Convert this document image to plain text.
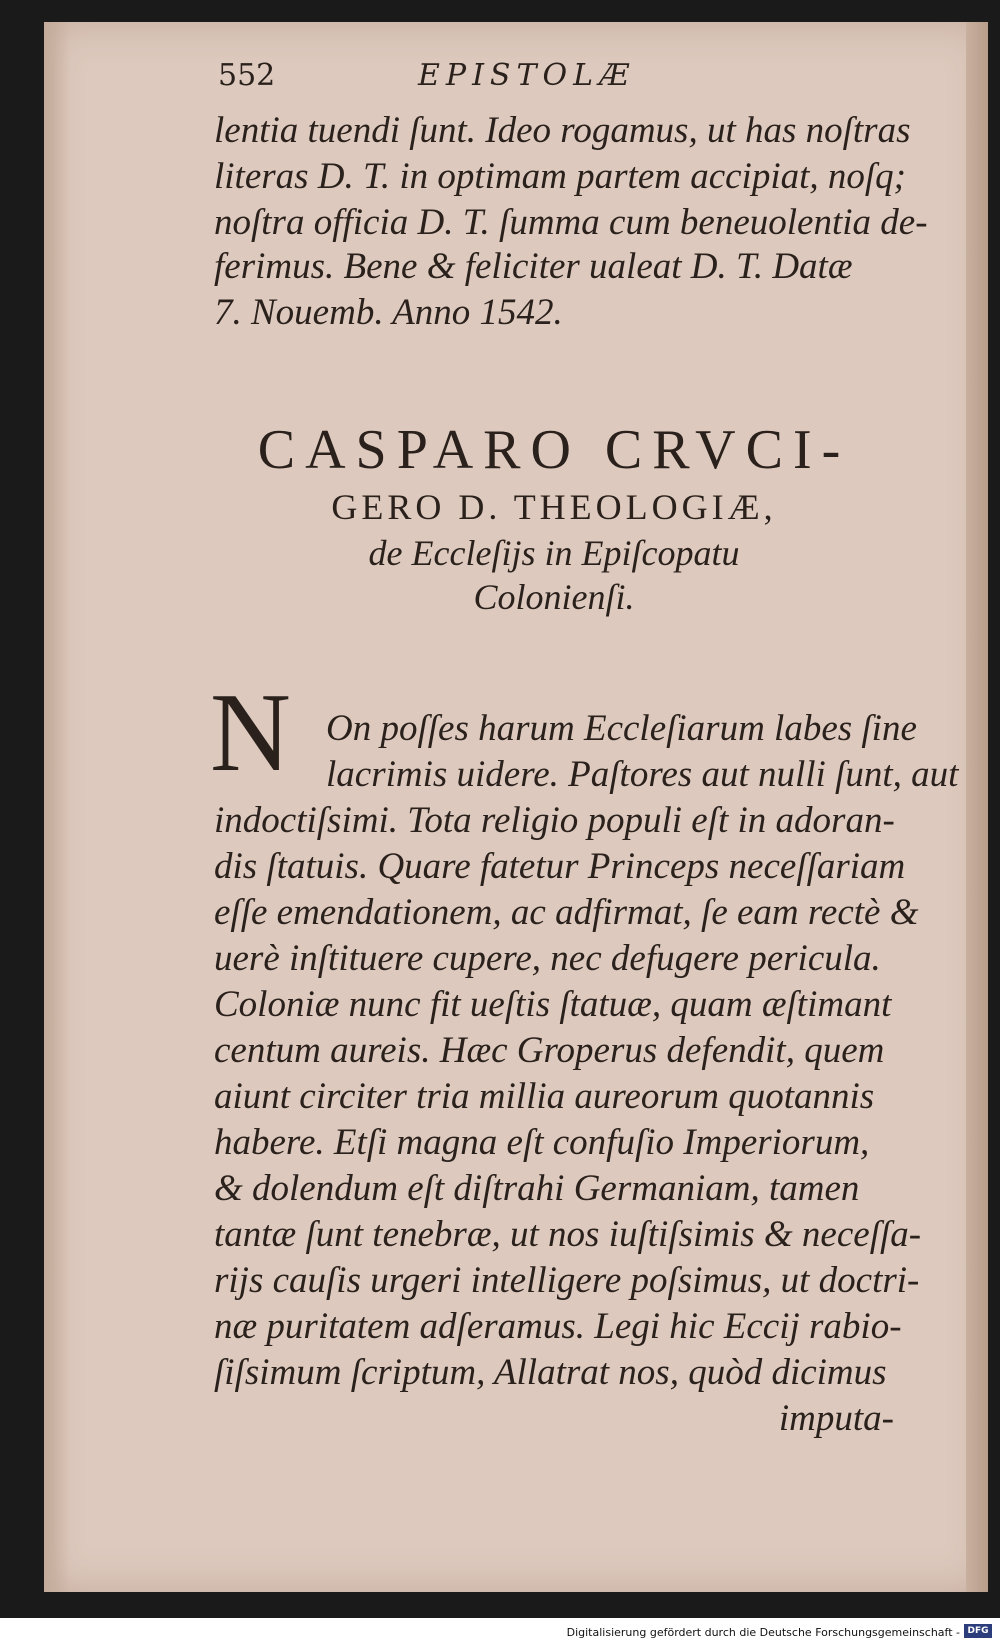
552	EPISTOLÆ
lentia tuendi ſunt. Ideo rogamus, ut has noſtras
literas D. T. in optimam partem accipiat, noſq;
noſtra officia D. T. ſumma cum beneuolentia de-
ferimus. Bene & feliciter ualeat D. T. Datæ
7. Nouemb. Anno 1542.
CASPARO CRVCI-
GERO D. THEOLOGIÆ,
de Eccleſijs in Epiſcopatu
Colonienſi.
N On poſſes harum Eccleſiarum labes ſine
lacrimis uidere. Paſtores aut nulli ſunt, aut
indoctiſsimi. Tota religio populi eſt in adoran-
dis ſtatuis. Quare fatetur Princeps neceſſariam
eſſe emendationem, ac adfirmat, ſe eam rectè &
uerè inſtituere cupere, nec defugere pericula.
Coloniæ nunc fit ueſtis ſtatuæ, quam æſtimant
centum aureis. Hæc Groperus defendit, quem
aiunt circiter tria millia aureorum quotannis
habere. Etſi magna eſt confuſio Imperiorum,
& dolendum eſt diſtrahi Germaniam, tamen
tantæ ſunt tenebræ, ut nos iuſtiſsimis & neceſſa-
rijs cauſis urgeri intelligere poſsimus, ut doctri-
næ puritatem adſeramus. Legi hic Eccij rabio-
ſiſsimum ſcriptum, Allatrat nos, quòd dicimus
imputa-
Digitalisierung gefördert durch die Deutsche Forschungsgemeinschaft - DFG
